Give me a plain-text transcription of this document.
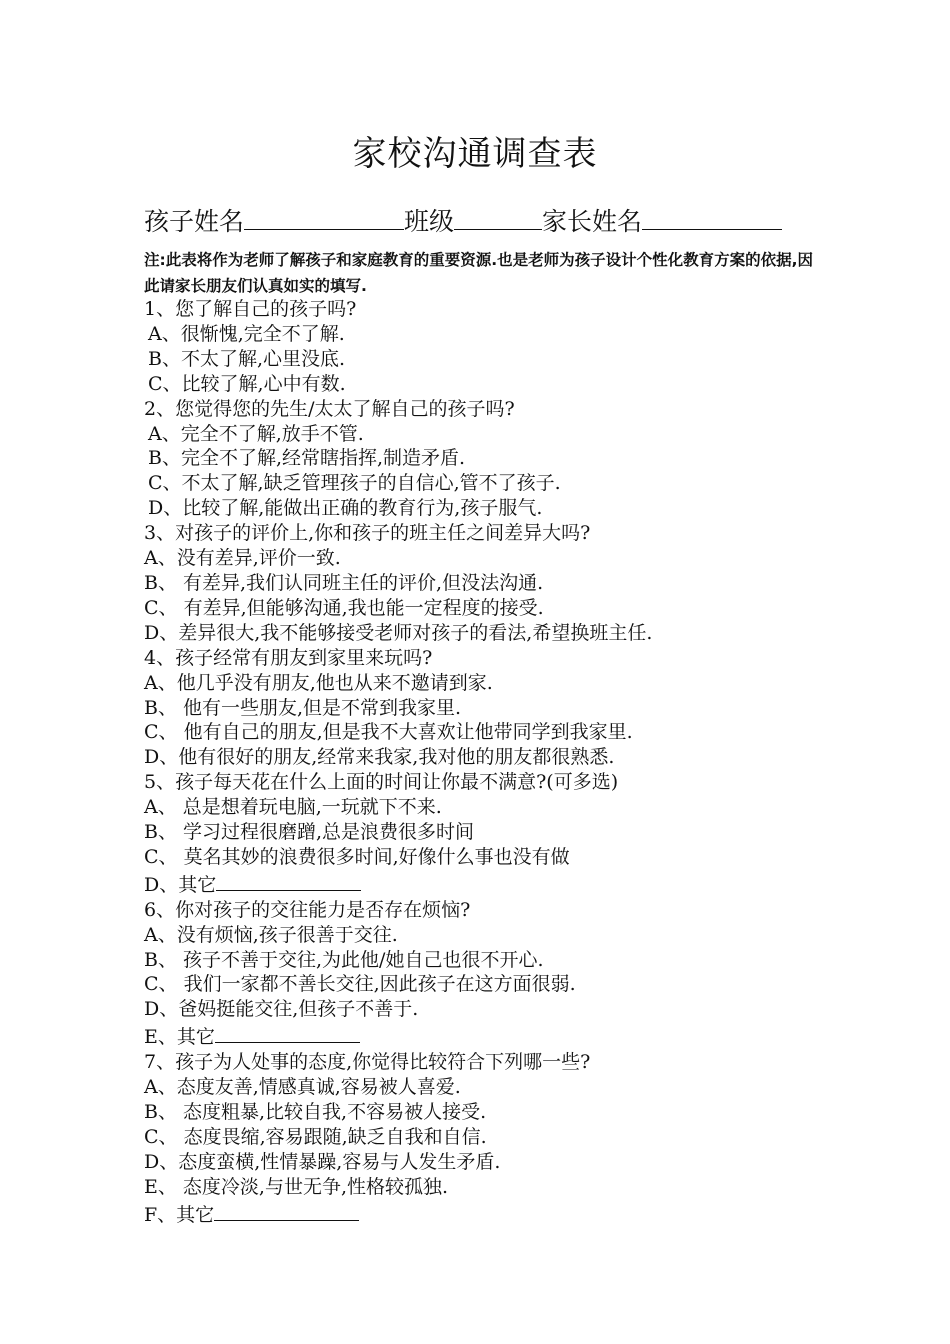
家校沟通调查表
孩子姓名	班级	家长姓名
注:此表将作为老师了解孩子和家庭教育的重要资源.也是老师为孩子设计个性化教育方案的依据,因此请家长朋友们认真如实的填写.
1、您了解自己的孩子吗?
A、很惭愧,完全不了解.
B、不太了解,心里没底.
C、比较了解,心中有数.
2、您觉得您的先生/太太了解自己的孩子吗?
A、完全不了解,放手不管.
B、完全不了解,经常瞎指挥,制造矛盾.
C、不太了解,缺乏管理孩子的自信心,管不了孩子.
D、比较了解,能做出正确的教育行为,孩子服气.
3、对孩子的评价上,你和孩子的班主任之间差异大吗?
A、没有差异,评价一致.
B、 有差异,我们认同班主任的评价,但没法沟通.
C、 有差异,但能够沟通,我也能一定程度的接受.
D、差异很大,我不能够接受老师对孩子的看法,希望换班主任.
4、孩子经常有朋友到家里来玩吗?
A、他几乎没有朋友,他也从来不邀请到家.
B、 他有一些朋友,但是不常到我家里.
C、 他有自己的朋友,但是我不大喜欢让他带同学到我家里.
D、他有很好的朋友,经常来我家,我对他的朋友都很熟悉.
5、孩子每天花在什么上面的时间让你最不满意?(可多选)
A、 总是想着玩电脑,一玩就下不来.
B、 学习过程很磨蹭,总是浪费很多时间
C、 莫名其妙的浪费很多时间,好像什么事也没有做
D、其它
6、你对孩子的交往能力是否存在烦恼?
A、没有烦恼,孩子很善于交往.
B、 孩子不善于交往,为此他/她自己也很不开心.
C、 我们一家都不善长交往,因此孩子在这方面很弱.
D、爸妈挺能交往,但孩子不善于.
E、其它
7、孩子为人处事的态度,你觉得比较符合下列哪一些?
A、态度友善,情感真诚,容易被人喜爱.
B、 态度粗暴,比较自我,不容易被人接受.
C、 态度畏缩,容易跟随,缺乏自我和自信.
D、态度蛮横,性情暴躁,容易与人发生矛盾.
E、 态度冷淡,与世无争,性格较孤独.
F、其它
